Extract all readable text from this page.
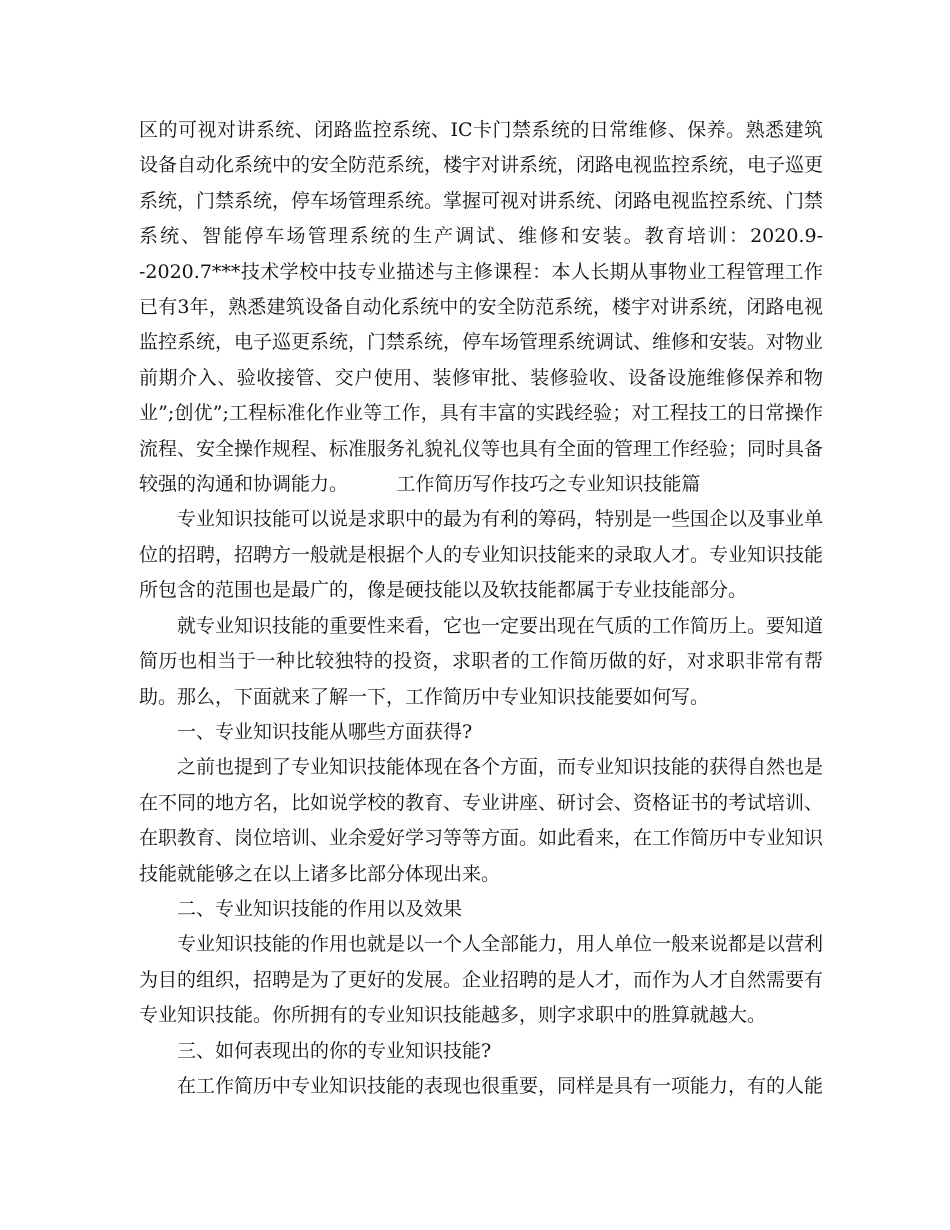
区的可视对讲系统、闭路监控系统、IC卡门禁系统的日常维修、保养。熟悉建筑设备自动化系统中的安全防范系统，楼宇对讲系统，闭路电视监控系统，电子巡更系统，门禁系统，停车场管理系统。掌握可视对讲系统、闭路电视监控系统、门禁系统、智能停车场管理系统的生产调试、维修和安装。教育培训：2020.9--2020.7***技术学校中技专业描述与主修课程：本人长期从事物业工程管理工作已有3年，熟悉建筑设备自动化系统中的安全防范系统，楼宇对讲系统，闭路电视监控系统，电子巡更系统，门禁系统，停车场管理系统调试、维修和安装。对物业前期介入、验收接管、交户使用、装修审批、装修验收、设备设施维修保养和物业”;创优”;工程标准化作业等工作，具有丰富的实践经验；对工程技工的日常操作流程、安全操作规程、标准服务礼貌礼仪等也具有全面的管理工作经验；同时具备较强的沟通和协调能力。	工作简历写作技巧之专业知识技能篇

专业知识技能可以说是求职中的最为有利的筹码，特别是一些国企以及事业单位的招聘，招聘方一般就是根据个人的专业知识技能来的录取人才。专业知识技能所包含的范围也是最广的，像是硬技能以及软技能都属于专业技能部分。

就专业知识技能的重要性来看，它也一定要出现在气质的工作简历上。要知道简历也相当于一种比较独特的投资，求职者的工作简历做的好，对求职非常有帮助。那么，下面就来了解一下，工作简历中专业知识技能要如何写。

一、专业知识技能从哪些方面获得?

之前也提到了专业知识技能体现在各个方面，而专业知识技能的获得自然也是在不同的地方名，比如说学校的教育、专业讲座、研讨会、资格证书的考试培训、在职教育、岗位培训、业余爱好学习等等方面。如此看来，在工作简历中专业知识技能就能够之在以上诸多比部分体现出来。

二、专业知识技能的作用以及效果

专业知识技能的作用也就是以一个人全部能力，用人单位一般来说都是以营利为目的组织，招聘是为了更好的发展。企业招聘的是人才，而作为人才自然需要有专业知识技能。你所拥有的专业知识技能越多，则字求职中的胜算就越大。

三、如何表现出的你的专业知识技能?

在工作简历中专业知识技能的表现也很重要，同样是具有一项能力，有的人能
